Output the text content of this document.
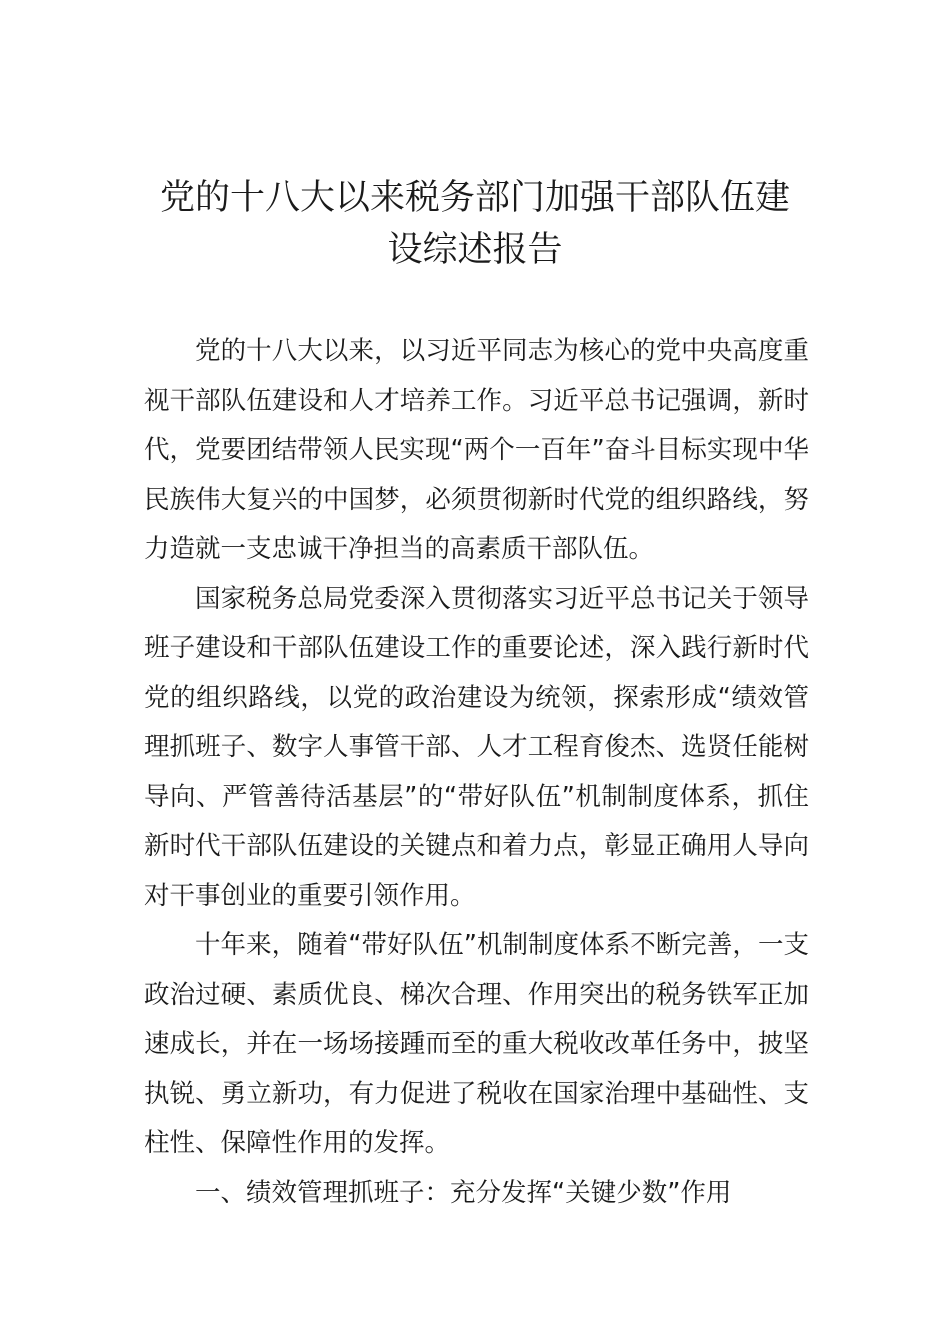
党的十八大以来税务部门加强干部队伍建
设综述报告

党的十八大以来，以习近平同志为核心的党中央高度重视干部队伍建设和人才培养工作。习近平总书记强调，新时代，党要团结带领人民实现“两个一百年”奋斗目标实现中华民族伟大复兴的中国梦，必须贯彻新时代党的组织路线，努力造就一支忠诚干净担当的高素质干部队伍。

国家税务总局党委深入贯彻落实习近平总书记关于领导班子建设和干部队伍建设工作的重要论述，深入践行新时代党的组织路线，以党的政治建设为统领，探索形成“绩效管理抓班子、数字人事管干部、人才工程育俊杰、选贤任能树导向、严管善待活基层”的“带好队伍”机制制度体系，抓住新时代干部队伍建设的关键点和着力点，彰显正确用人导向对干事创业的重要引领作用。

十年来，随着“带好队伍”机制制度体系不断完善，一支政治过硬、素质优良、梯次合理、作用突出的税务铁军正加速成长，并在一场场接踵而至的重大税收改革任务中，披坚执锐、勇立新功，有力促进了税收在国家治理中基础性、支柱性、保障性作用的发挥。

一、绩效管理抓班子：充分发挥“关键少数”作用
